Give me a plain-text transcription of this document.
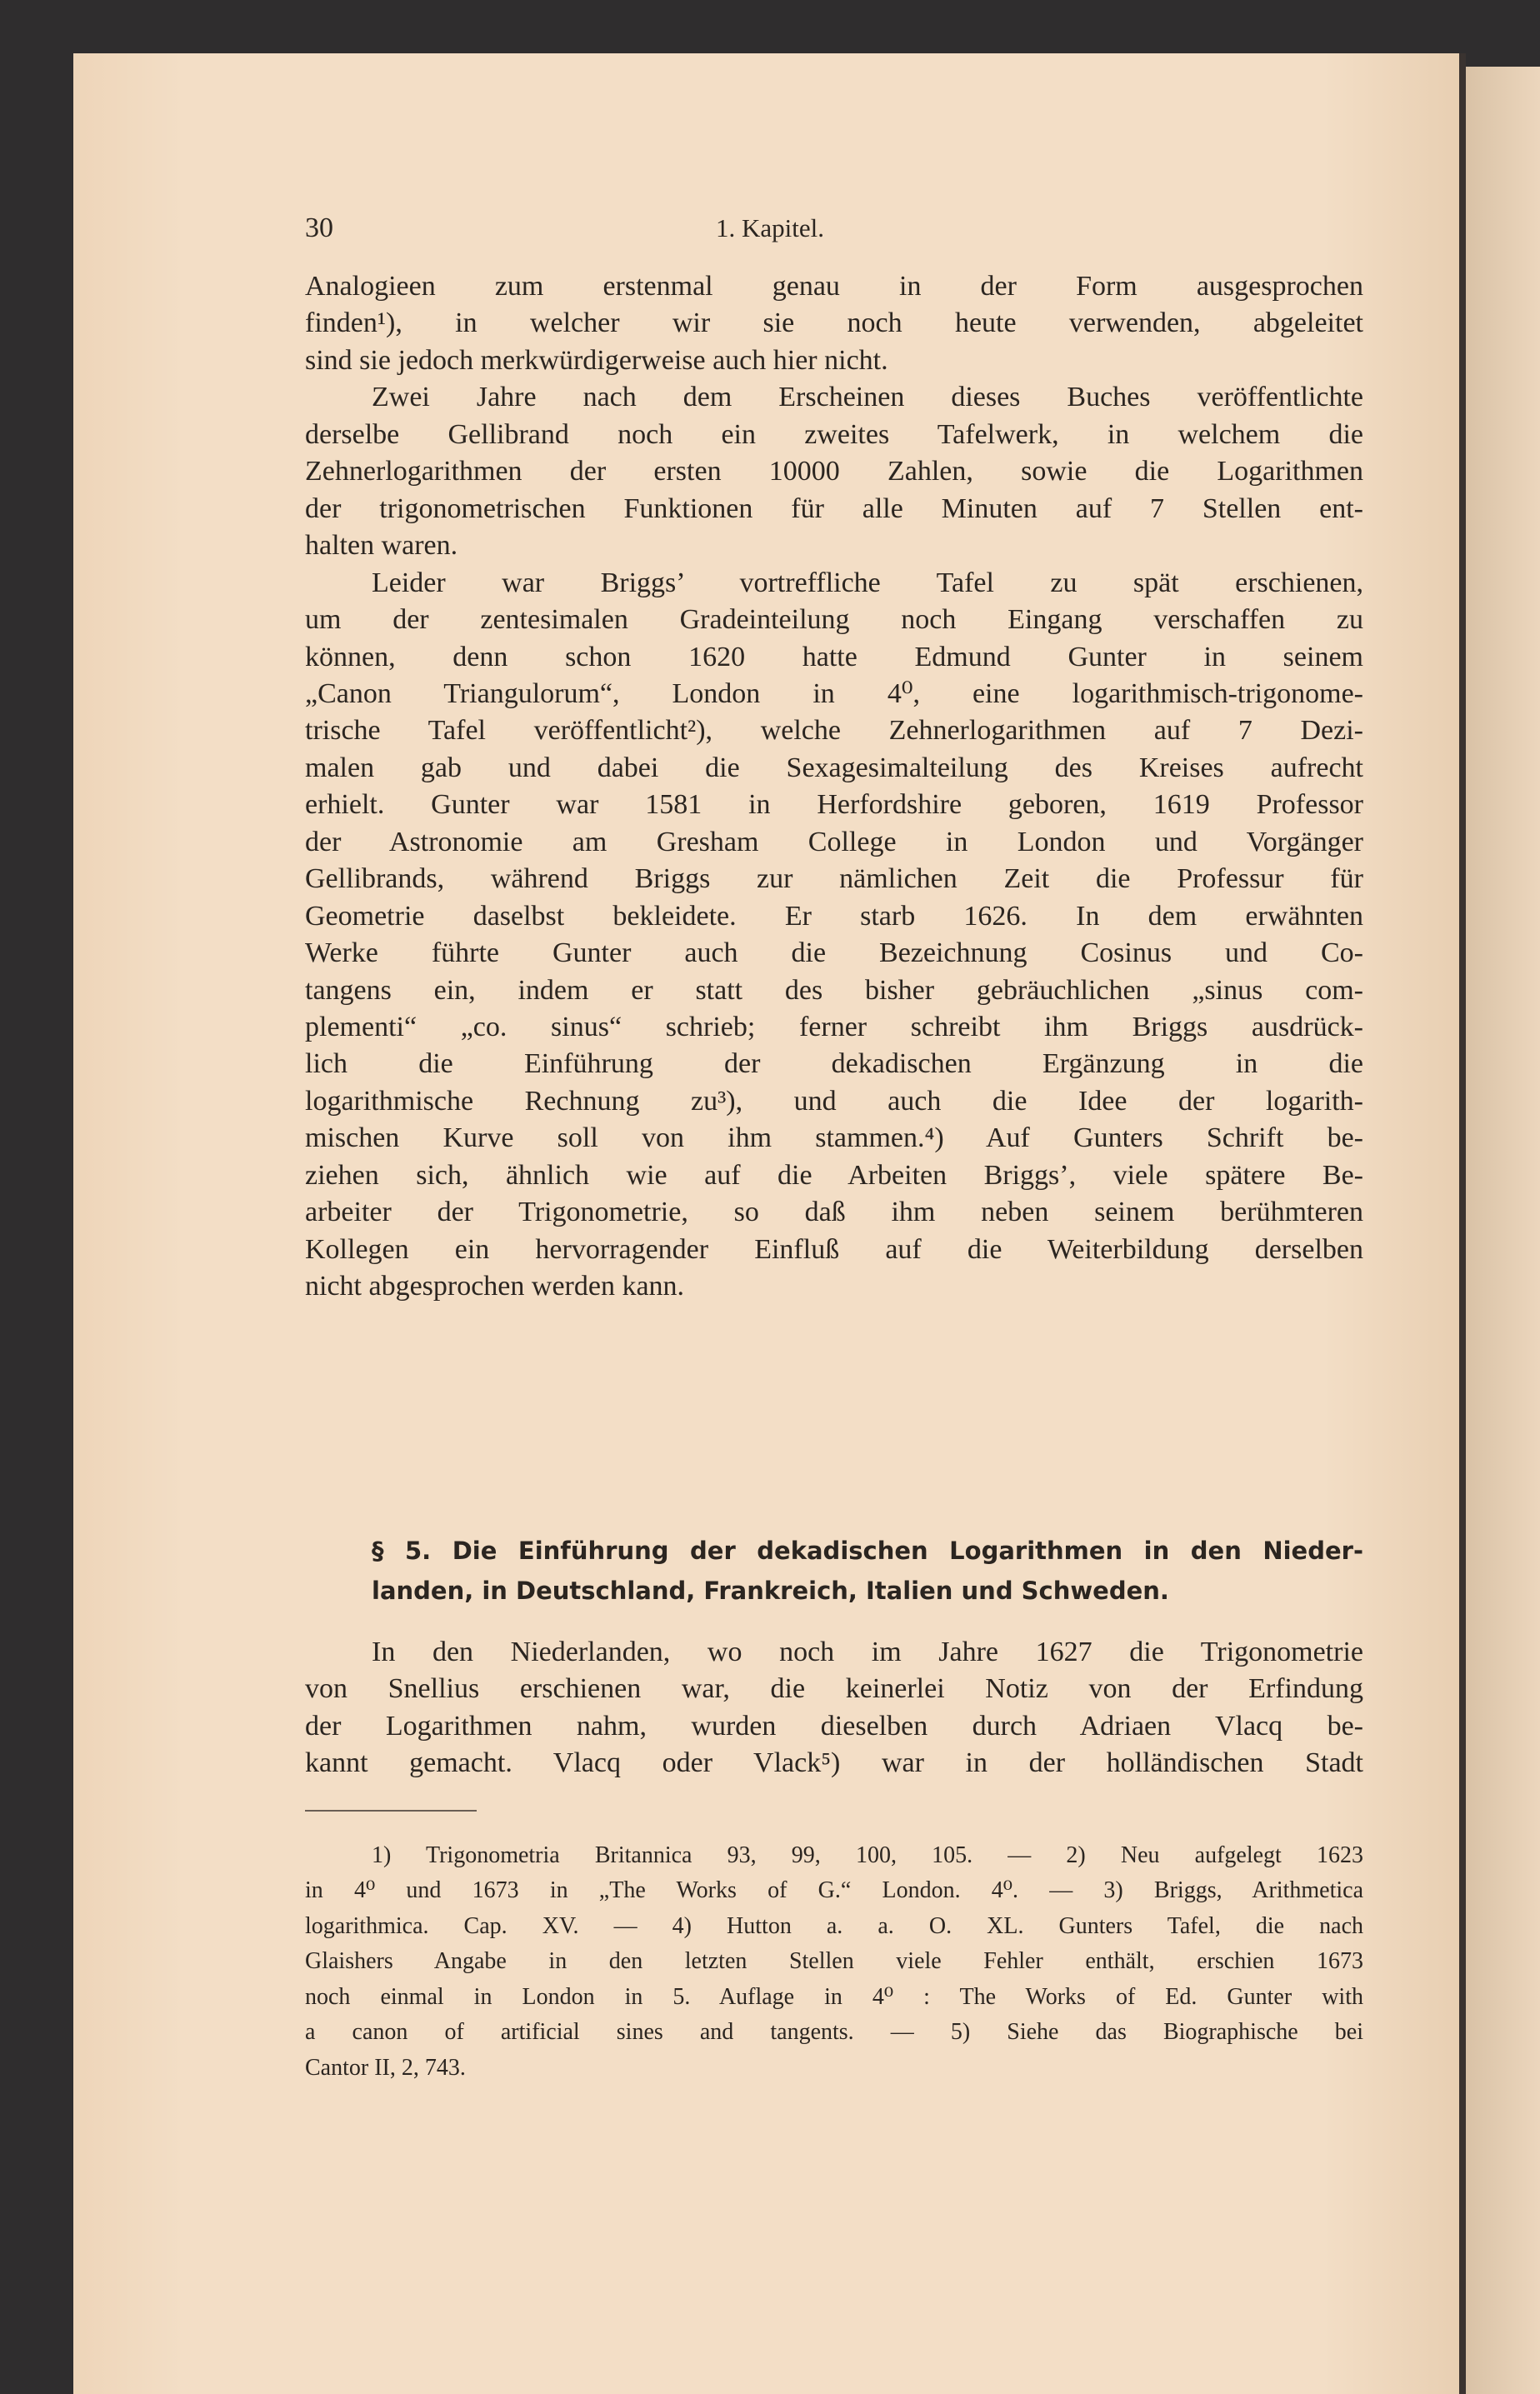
30	1. Kapitel.
Analogieen zum erstenmal genau in der Form ausgesprochen
finden¹), in welcher wir sie noch heute verwenden, abgeleitet
sind sie jedoch merkwürdigerweise auch hier nicht.
Zwei Jahre nach dem Erscheinen dieses Buches veröffentlichte
derselbe Gellibrand noch ein zweites Tafelwerk, in welchem die
Zehnerlogarithmen der ersten 10000 Zahlen, sowie die Logarithmen
der trigonometrischen Funktionen für alle Minuten auf 7 Stellen ent-
halten waren.
Leider war Briggs’ vortreffliche Tafel zu spät erschienen,
um der zentesimalen Gradeinteilung noch Eingang verschaffen zu
können, denn schon 1620 hatte Edmund Gunter in seinem
„Canon Triangulorum“, London in 4⁰, eine logarithmisch-trigonome-
trische Tafel veröffentlicht²), welche Zehnerlogarithmen auf 7 Dezi-
malen gab und dabei die Sexagesimalteilung des Kreises aufrecht
erhielt. Gunter war 1581 in Herfordshire geboren, 1619 Professor
der Astronomie am Gresham College in London und Vorgänger
Gellibrands, während Briggs zur nämlichen Zeit die Professur für
Geometrie daselbst bekleidete. Er starb 1626. In dem erwähnten
Werke führte Gunter auch die Bezeichnung Cosinus und Co-
tangens ein, indem er statt des bisher gebräuchlichen „sinus com-
plementi“ „co. sinus“ schrieb; ferner schreibt ihm Briggs ausdrück-
lich die Einführung der dekadischen Ergänzung in die
logarithmische Rechnung zu³), und auch die Idee der logarith-
mischen Kurve soll von ihm stammen.⁴) Auf Gunters Schrift be-
ziehen sich, ähnlich wie auf die Arbeiten Briggs’, viele spätere Be-
arbeiter der Trigonometrie, so daß ihm neben seinem berühmteren
Kollegen ein hervorragender Einfluß auf die Weiterbildung derselben
nicht abgesprochen werden kann.
§ 5. Die Einführung der dekadischen Logarithmen in den Nieder-
landen, in Deutschland, Frankreich, Italien und Schweden.
In den Niederlanden, wo noch im Jahre 1627 die Trigonometrie
von Snellius erschienen war, die keinerlei Notiz von der Erfindung
der Logarithmen nahm, wurden dieselben durch Adriaen Vlacq be-
kannt gemacht. Vlacq oder Vlack⁵) war in der holländischen Stadt
1) Trigonometria Britannica 93, 99, 100, 105. — 2) Neu aufgelegt 1623
in 4⁰ und 1673 in „The Works of G.“ London. 4⁰. — 3) Briggs, Arithmetica
logarithmica. Cap. XV. — 4) Hutton a. a. O. XL. Gunters Tafel, die nach
Glaishers Angabe in den letzten Stellen viele Fehler enthält, erschien 1673
noch einmal in London in 5. Auflage in 4⁰ : The Works of Ed. Gunter with
a canon of artificial sines and tangents. — 5) Siehe das Biographische bei
Cantor II, 2, 743.
